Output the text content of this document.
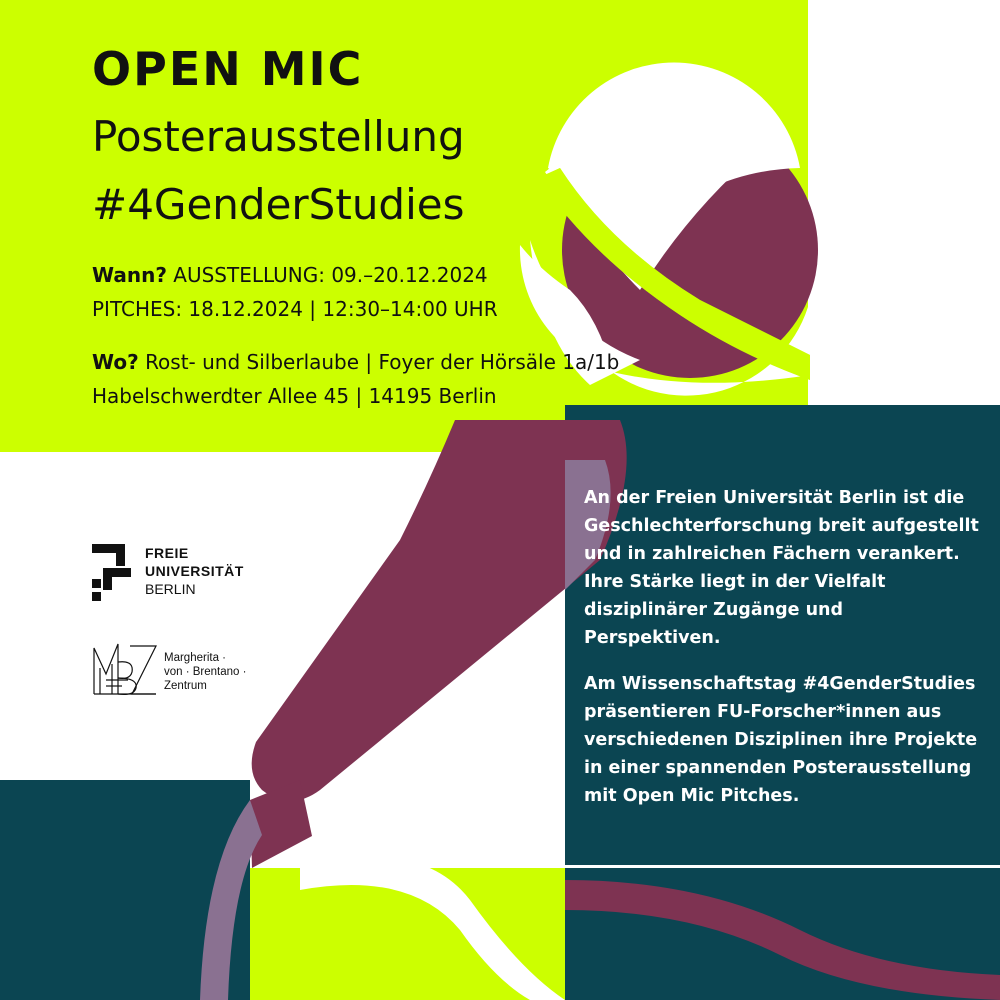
OPEN MIC
Posterausstellung
#4GenderStudies
Wann? AUSSTELLUNG: 09.–20.12.2024
PITCHES: 18.12.2024 | 12:30–14:00 UHR
Wo? Rost- und Silberlaube | Foyer der Hörsäle 1a/1b
Habelschwerdter Allee 45 | 14195 Berlin

An der Freien Universität Berlin ist die Geschlechterforschung breit aufgestellt und in zahlreichen Fächern verankert. Ihre Stärke liegt in der Vielfalt disziplinärer Zugänge und Perspektiven.

Am Wissenschaftstag #4GenderStudies präsentieren FU-Forscher*innen aus verschiedenen Disziplinen ihre Projekte in einer spannenden Posterausstellung mit Open Mic Pitches.

FREIE
UNIVERSITÄT
BERLIN
Margherita ·
von · Brentano ·
Zentrum
